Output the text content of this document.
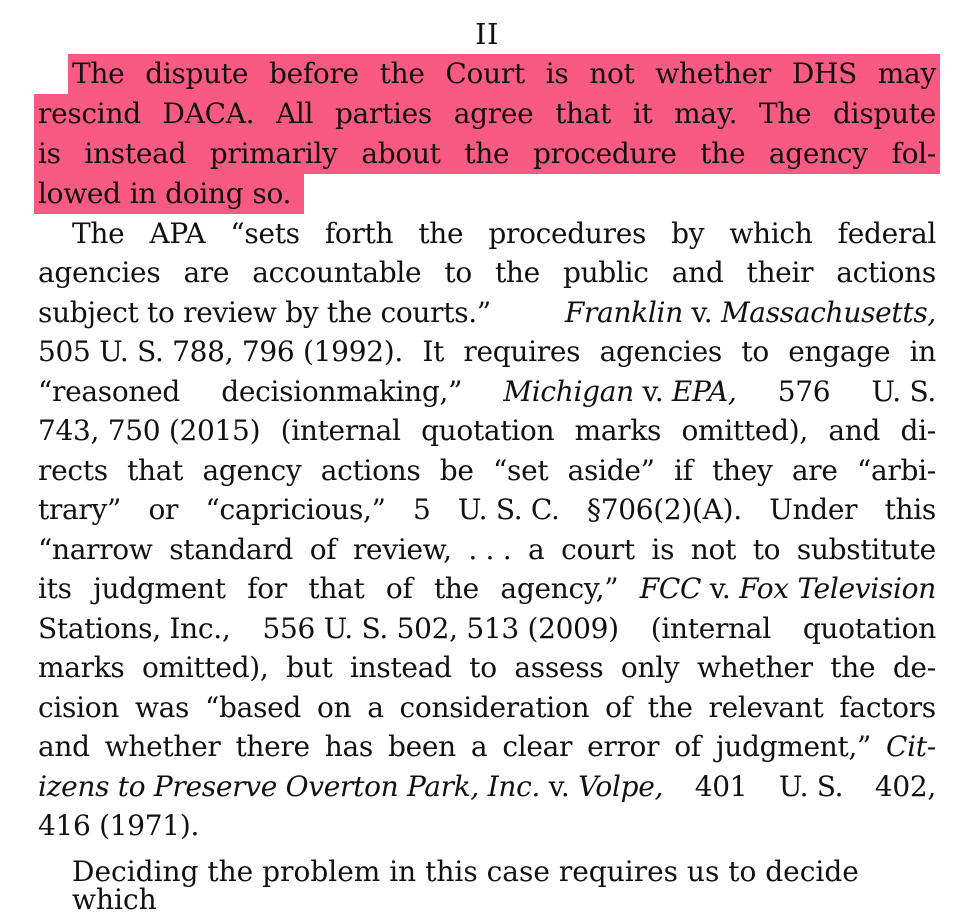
II
The dispute before the Court is not whether DHS may
rescind DACA. All parties agree that it may. The dispute
is instead primarily about the procedure the agency fol-
lowed in doing so.
The APA “sets forth the procedures by which federal
agencies are accountable to the public and their actions
subject to review by the courts.”	Franklin v. Massachusetts,
505 U. S. 788, 796 (1992). It requires agencies to engage in
“reasoned decisionmaking,” Michigan v. EPA, 576 U. S.
743, 750 (2015) (internal quotation marks omitted), and di-
rects that agency actions be “set aside” if they are “arbi-
trary” or “capricious,” 5 U. S. C. §706(2)(A). Under this
“narrow standard of review, . . . a court is not to substitute
its judgment for that of the agency,” FCC v. Fox Television
Stations, Inc., 556 U. S. 502, 513 (2009) (internal quotation
marks omitted), but instead to assess only whether the de-
cision was “based on a consideration of the relevant factors
and whether there has been a clear error of judgment,” Cit-
izens to Preserve Overton Park, Inc. v. Volpe, 401 U. S. 402,
416 (1971).
Deciding the problem in this case requires us to decide which
